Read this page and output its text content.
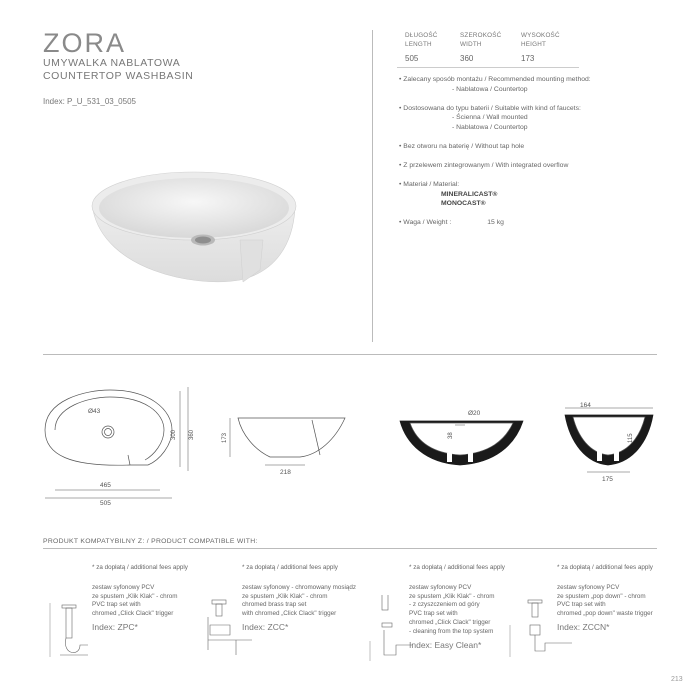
ZORA
UMYWALKA NABLATOWA
COUNTERTOP WASHBASIN
Index: P_U_531_03_0505
DŁUGOŚĆ
LENGTH
SZEROKOŚĆ
WIDTH
WYSOKOŚĆ
HEIGHT
505	360	173
• Zalecany sposób montażu / Recommended mounting method:
- Nablatowa / Countertop
• Dostosowana do typu baterii / Suitable with kind of faucets:
- Ścienna / Wall mounted
- Nablatowa / Countertop
• Bez otworu na baterię / Without tap hole
• Z przelewem zintegrowanym / With integrated overflow
• Materiał / Material:
MINERALICAST®
MONOCAST®
• Waga / Weight :	15 kg
Ø43
465
505
300 360	173
218
Ø20
38
164
115
175
PRODUKT KOMPATYBILNY Z: / PRODUCT COMPATIBLE WITH:
* za dopłatą / additional fees apply
zestaw syfonowy PCV
ze spustem „Klik Klak" - chrom
PVC trap set with
chromed „Click Clack" trigger
Index: ZPC*
* za dopłatą / additional fees apply
zestaw syfonowy - chromowany mosiądz
ze spustem „Klik Klak" - chrom
chromed brass trap set
with chromed „Click Clack" trigger
Index: ZCC*
* za dopłatą / additional fees apply
zestaw syfonowy PCV
ze spustem „Klik Klak" - chrom
- z czyszczeniem od góry
PVC trap set with
chromed „Click Clack" trigger
- cleaning from the top system
Index: Easy Clean*
* za dopłatą / additional fees apply
zestaw syfonowy PCV
ze spustem „pop down" - chrom
PVC trap set with
chromed „pop down" waste trigger
Index: ZCCN*
213
